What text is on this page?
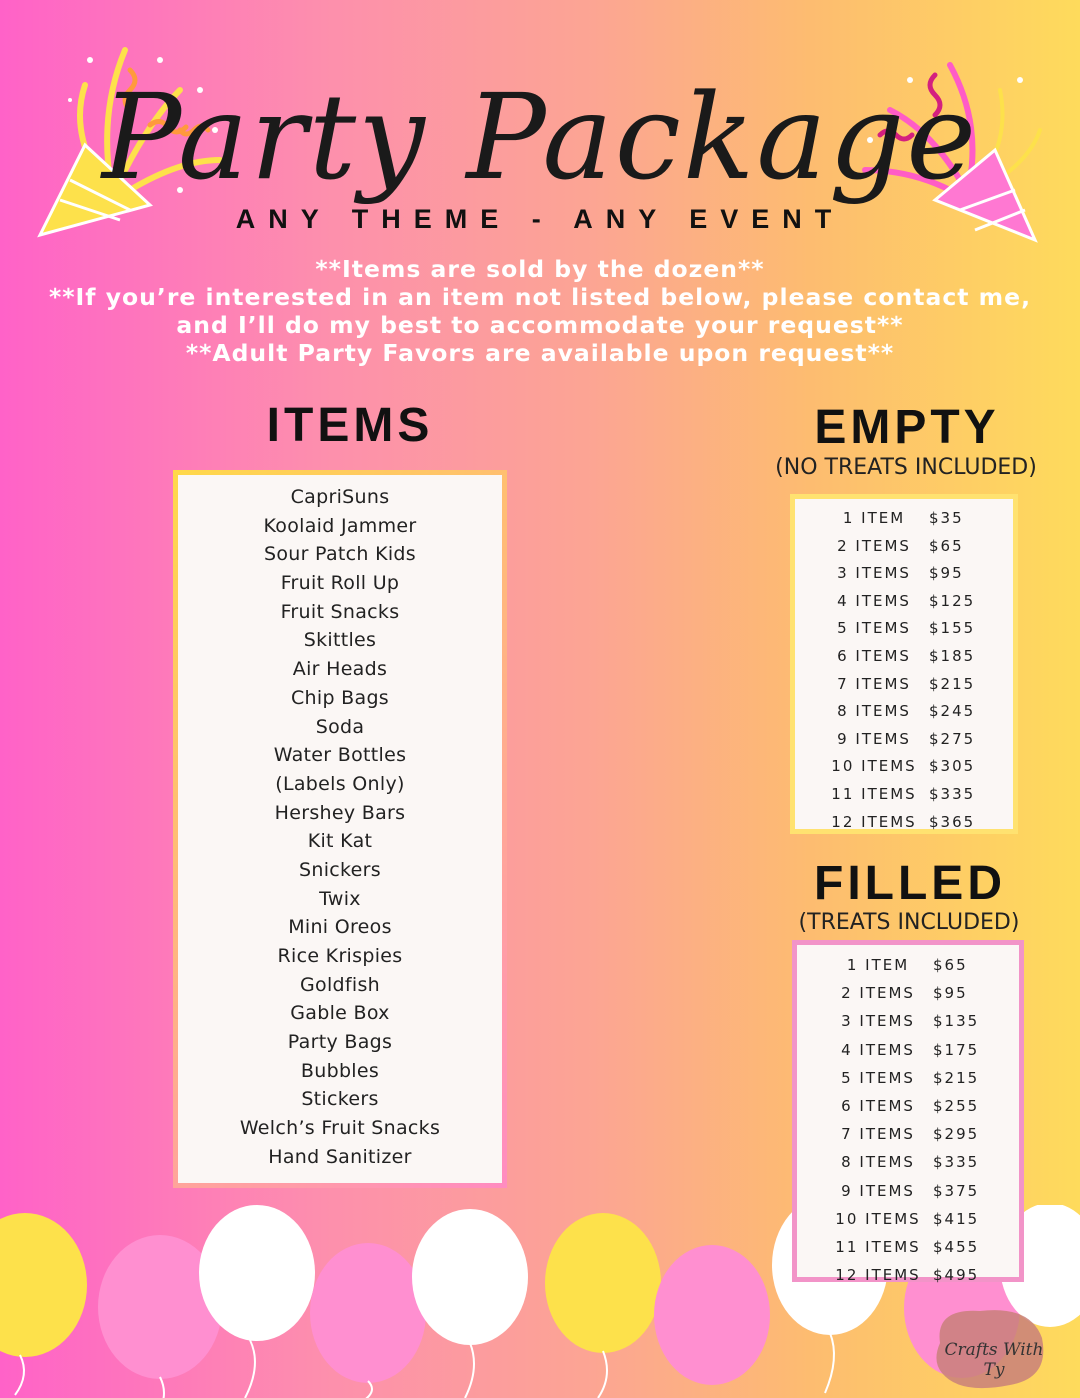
Party Package
ANY THEME - ANY EVENT
**Items are sold by the dozen**
**If you’re interested in an item not listed below, please contact me,
and I’ll do my best to accommodate your request**
**Adult Party Favors are available upon request**
ITEMS
CapriSuns
Koolaid Jammer
Sour Patch Kids
Fruit Roll Up
Fruit Snacks
Skittles
Air Heads
Chip Bags
Soda
Water Bottles
(Labels Only)
Hershey Bars
Kit Kat
Snickers
Twix
Mini Oreos
Rice Krispies
Goldfish
Gable Box
Party Bags
Bubbles
Stickers
Welch’s Fruit Snacks
Hand Sanitizer
EMPTY
(NO TREATS INCLUDED)
1 ITEM	$35
2 ITEMS	$65
3 ITEMS	$95
4 ITEMS	$125
5 ITEMS	$155
6 ITEMS	$185
7 ITEMS	$215
8 ITEMS	$245
9 ITEMS	$275
10 ITEMS $305
11 ITEMS $335
12 ITEMS $365
FILLED
(TREATS INCLUDED)
1 ITEM	$65
2 ITEMS	$95
3 ITEMS	$135
4 ITEMS	$175
5 ITEMS	$215
6 ITEMS	$255
7 ITEMS	$295
8 ITEMS	$335
9 ITEMS	$375
10 ITEMS $415
11 ITEMS $455
12 ITEMS $495
Crafts With Ty
